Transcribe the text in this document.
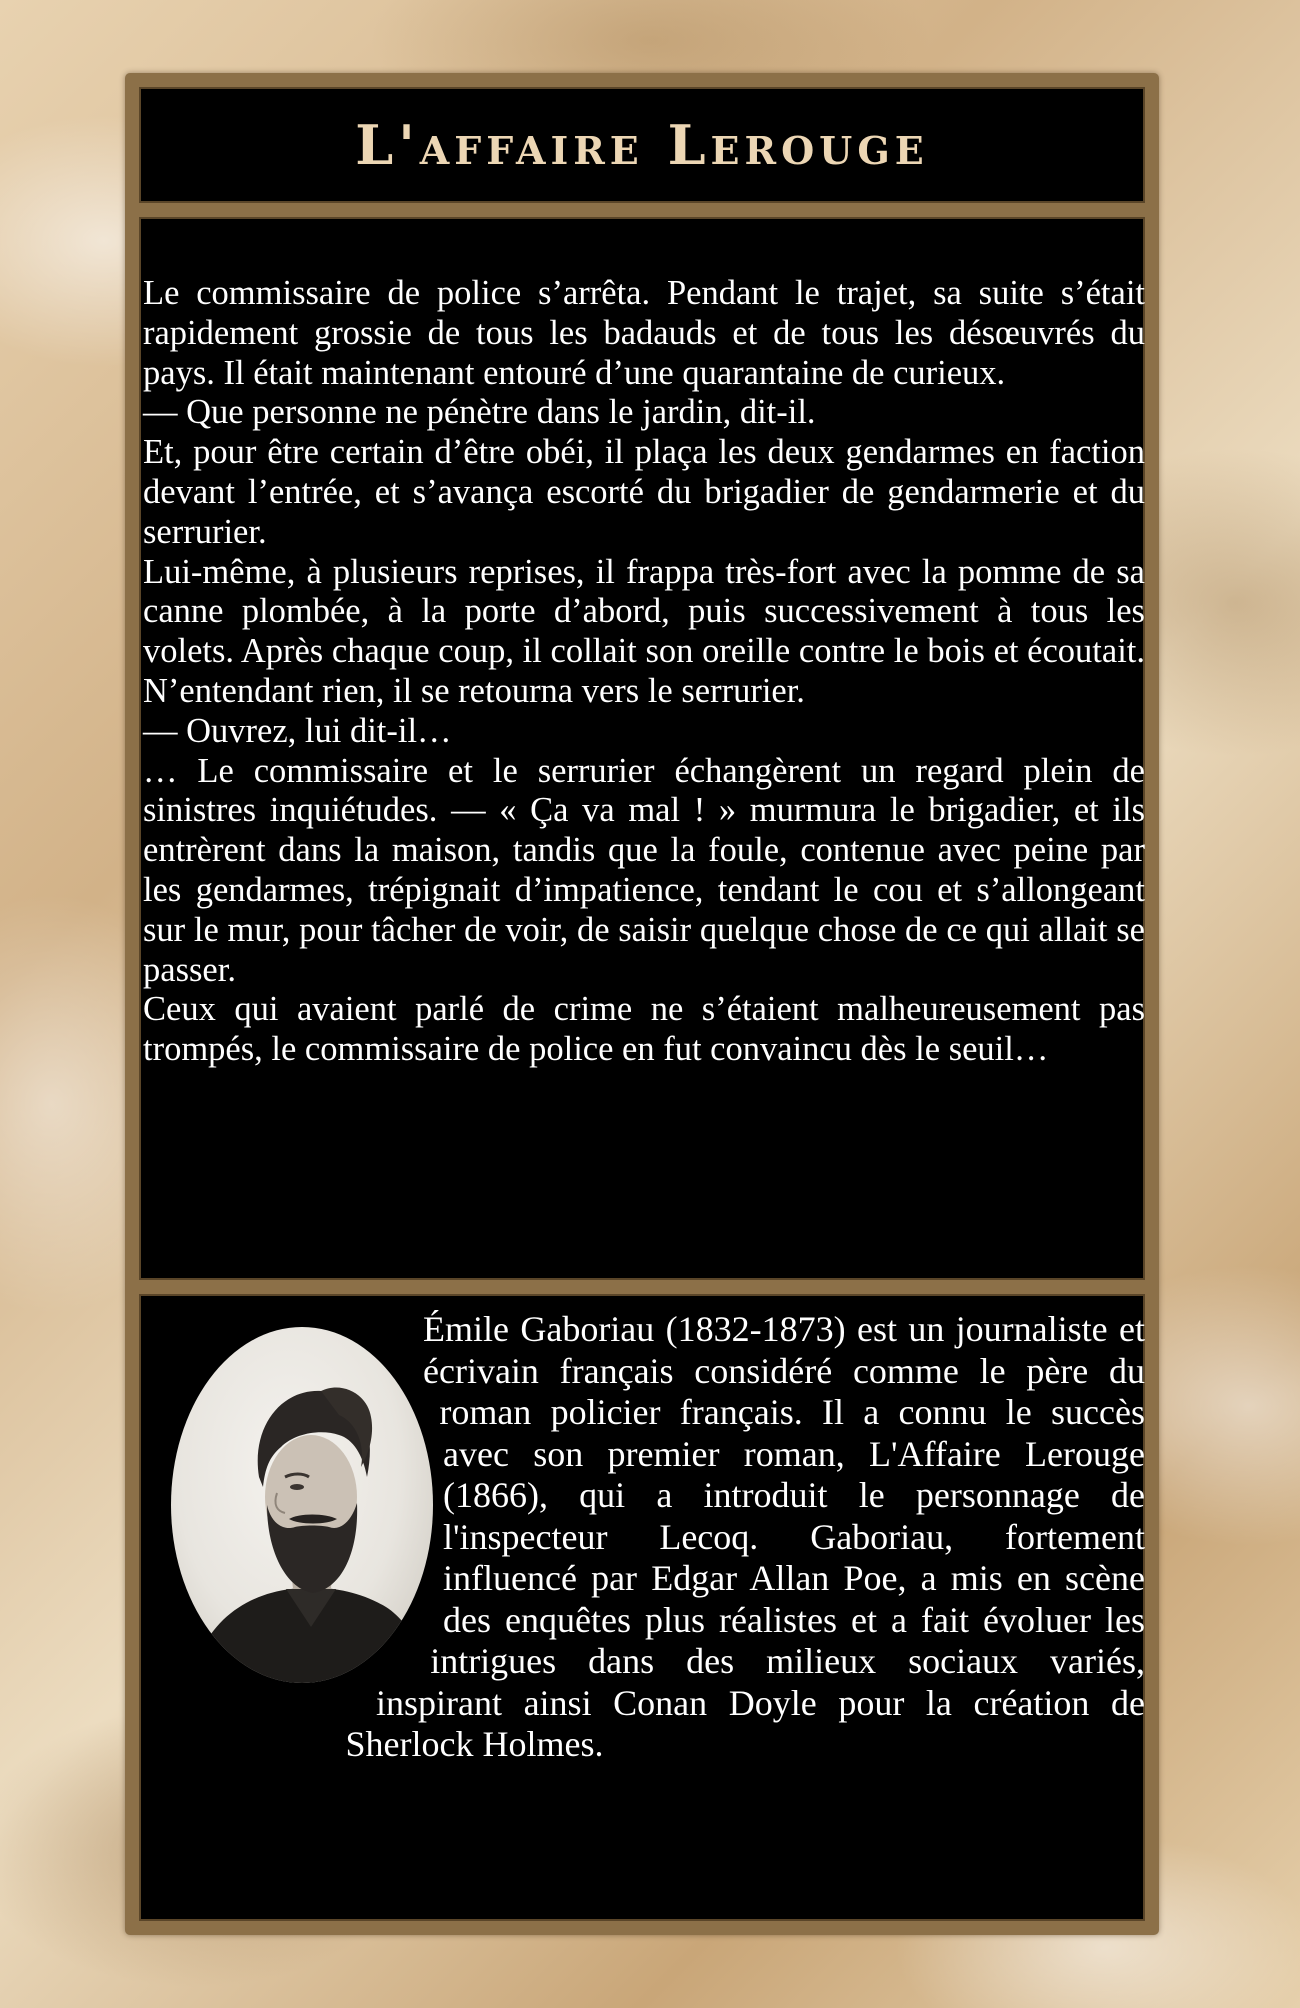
L'affaire Lerouge

Le commissaire de police s’arrêta. Pendant le trajet, sa suite s’était rapidement grossie de tous les badauds et de tous les désœuvrés du pays. Il était maintenant entouré d’une quarantaine de curieux.

— Que personne ne pénètre dans le jardin, dit-il.

Et, pour être certain d’être obéi, il plaça les deux gendarmes en faction devant l’entrée, et s’avança escorté du brigadier de gendarmerie et du serrurier.

Lui-même, à plusieurs reprises, il frappa très-fort avec la pomme de sa canne plombée, à la porte d’abord, puis successivement à tous les volets. Après chaque coup, il collait son oreille contre le bois et écoutait. N’entendant rien, il se retourna vers le serrurier.

— Ouvrez, lui dit-il…

… Le commissaire et le serrurier échangèrent un regard plein de sinistres inquiétudes. — « Ça va mal ! » murmura le brigadier, et ils entrèrent dans la maison, tandis que la foule, contenue avec peine par les gendarmes, trépignait d’impatience, tendant le cou et s’allongeant sur le mur, pour tâcher de voir, de saisir quelque chose de ce qui allait se passer.

Ceux qui avaient parlé de crime ne s’étaient malheureusement pas trompés, le commissaire de police en fut convaincu dès le seuil…

Émile Gaboriau (1832-1873) est un journaliste et écrivain français considéré comme le père du roman policier français. Il a connu le succès avec son premier roman, L'Affaire Lerouge (1866), qui a introduit le personnage de l'inspecteur Lecoq. Gaboriau, fortement influencé par Edgar Allan Poe, a mis en scène des enquêtes plus réalistes et a fait évoluer les intrigues dans des milieux sociaux variés, inspirant ainsi Conan Doyle pour la création de Sherlock Holmes.
